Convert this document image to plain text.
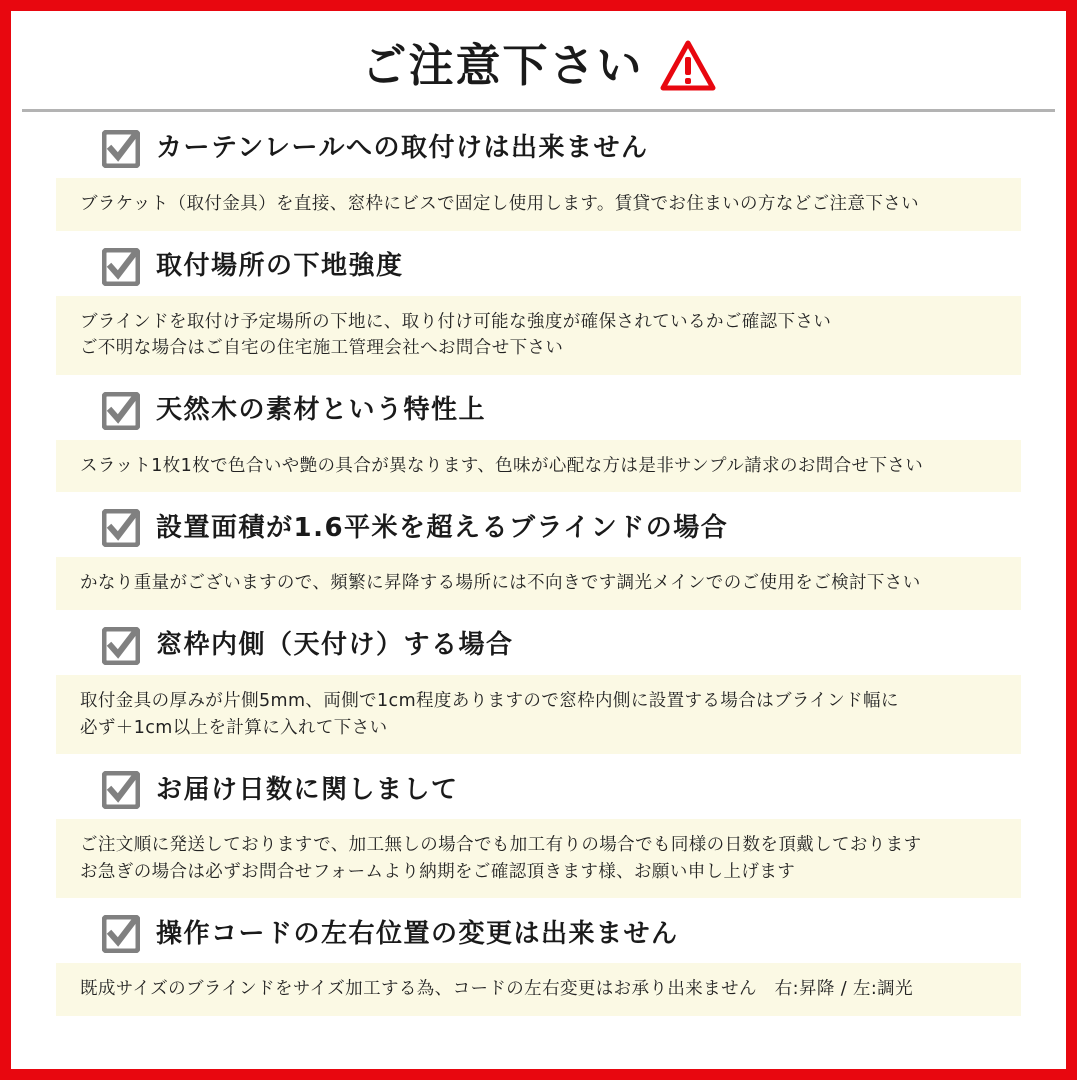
ご注意下さい
カーテンレールへの取付けは出来ません

ブラケット（取付金具）を直接、窓枠にビスで固定し使用します。賃貸でお住まいの方などご注意下さい

取付場所の下地強度

ブラインドを取付け予定場所の下地に、取り付け可能な強度が確保されているかご確認下さい

ご不明な場合はご自宅の住宅施工管理会社へお問合せ下さい

天然木の素材という特性上

スラット1枚1枚で色合いや艶の具合が異なります、色味が心配な方は是非サンプル請求のお問合せ下さい

設置面積が1.6平米を超えるブラインドの場合

かなり重量がございますので、頻繁に昇降する場所には不向きです調光メインでのご使用をご検討下さい

窓枠内側（天付け）する場合

取付金具の厚みが片側5mm、両側で1cm程度ありますので窓枠内側に設置する場合はブラインド幅に

必ず＋1cm以上を計算に入れて下さい

お届け日数に関しまして

ご注文順に発送しておりますで、加工無しの場合でも加工有りの場合でも同様の日数を頂戴しております

お急ぎの場合は必ずお問合せフォームより納期をご確認頂きます様、お願い申し上げます

操作コードの左右位置の変更は出来ません

既成サイズのブラインドをサイズ加工する為、コードの左右変更はお承り出来ません　右:昇降 / 左:調光
